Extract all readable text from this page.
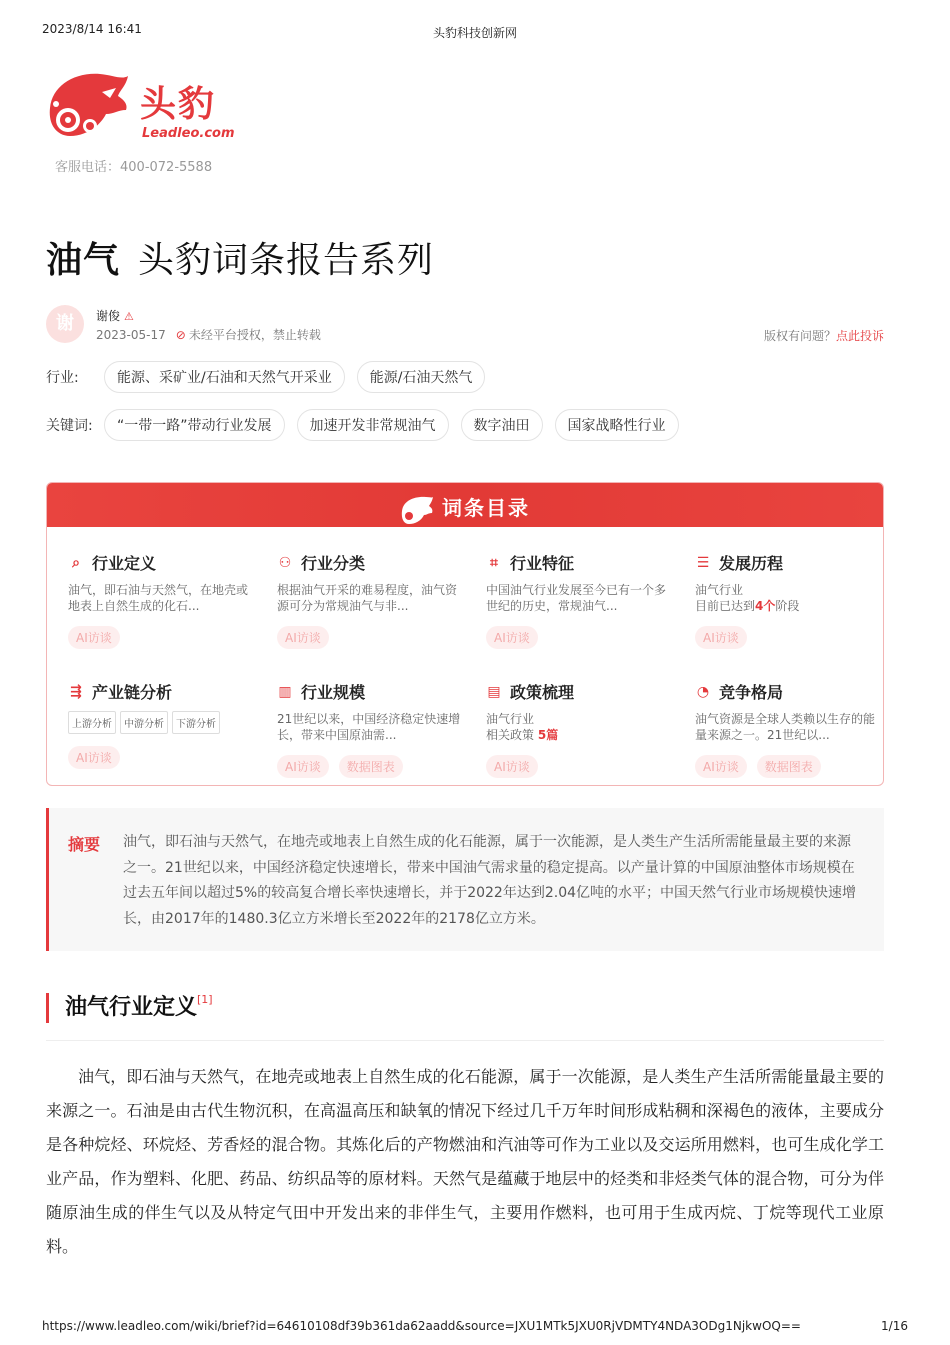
2023/8/14 16:41	头豹科技创新网
头豹
Leadleo.com
客服电话：400-072-5588
油气 头豹词条报告系列
谢	谢俊 ⚠
2023-05-17 ⊘ 未经平台授权，禁止转载	版权有问题？点此投诉
行业:	能源、采矿业/石油和天然气开采业	能源/石油天然气
关键词:	“一带一路”带动行业发展	加速开发非常规油气	数字油田	国家战略性行业
词条目录
⌕ 行业定义
油气，即石油与天然气，在地壳或地表上自然生成的化石...
AI访谈
⚇ 行业分类
根据油气开采的难易程度，油气资源可分为常规油气与非...
AI访谈
⌗ 行业特征
中国油气行业发展至今已有一个多世纪的历史，常规油气...
AI访谈
☰ 发展历程
油气行业
目前已达到4个阶段
AI访谈
⇶ 产业链分析
上游分析	中游分析	下游分析
AI访谈
▥ 行业规模
21世纪以来，中国经济稳定快速增长，带来中国原油需...
AI访谈	数据图表
▤ 政策梳理
油气行业
相关政策 5篇
AI访谈
◔ 竞争格局
油气资源是全球人类赖以生存的能量来源之一。21世纪以...
AI访谈	数据图表
摘要 油气，即石油与天然气，在地壳或地表上自然生成的化石能源，属于一次能源，是人类生产生活所需能量最主要的来源之一。21世纪以来，中国经济稳定快速增长，带来中国油气需求量的稳定提高。以产量计算的中国原油整体市场规模在过去五年间以超过5%的较高复合增长率快速增长，并于2022年达到2.04亿吨的水平；中国天然气行业市场规模快速增长，由2017年的1480.3亿立方米增长至2022年的2178亿立方米。
油气行业定义[1]
油气，即石油与天然气，在地壳或地表上自然生成的化石能源，属于一次能源，是人类生产生活所需能量最主要的来源之一。石油是由古代生物沉积，在高温高压和缺氧的情况下经过几千万年时间形成粘稠和深褐色的液体，主要成分是各种烷烃、环烷烃、芳香烃的混合物。其炼化后的产物燃油和汽油等可作为工业以及交运所用燃料，也可生成化学工业产品，作为塑料、化肥、药品、纺织品等的原材料。天然气是蕴藏于地层中的烃类和非烃类气体的混合物，可分为伴随原油生成的伴生气以及从特定气田中开发出来的非伴生气，主要用作燃料，也可用于生成丙烷、丁烷等现代工业原料。
https://www.leadleo.com/wiki/brief?id=64610108df39b361da62aadd&source=JXU1MTk5JXU0RjVDMTY4NDA3ODg1NjkwOQ==	1/16
